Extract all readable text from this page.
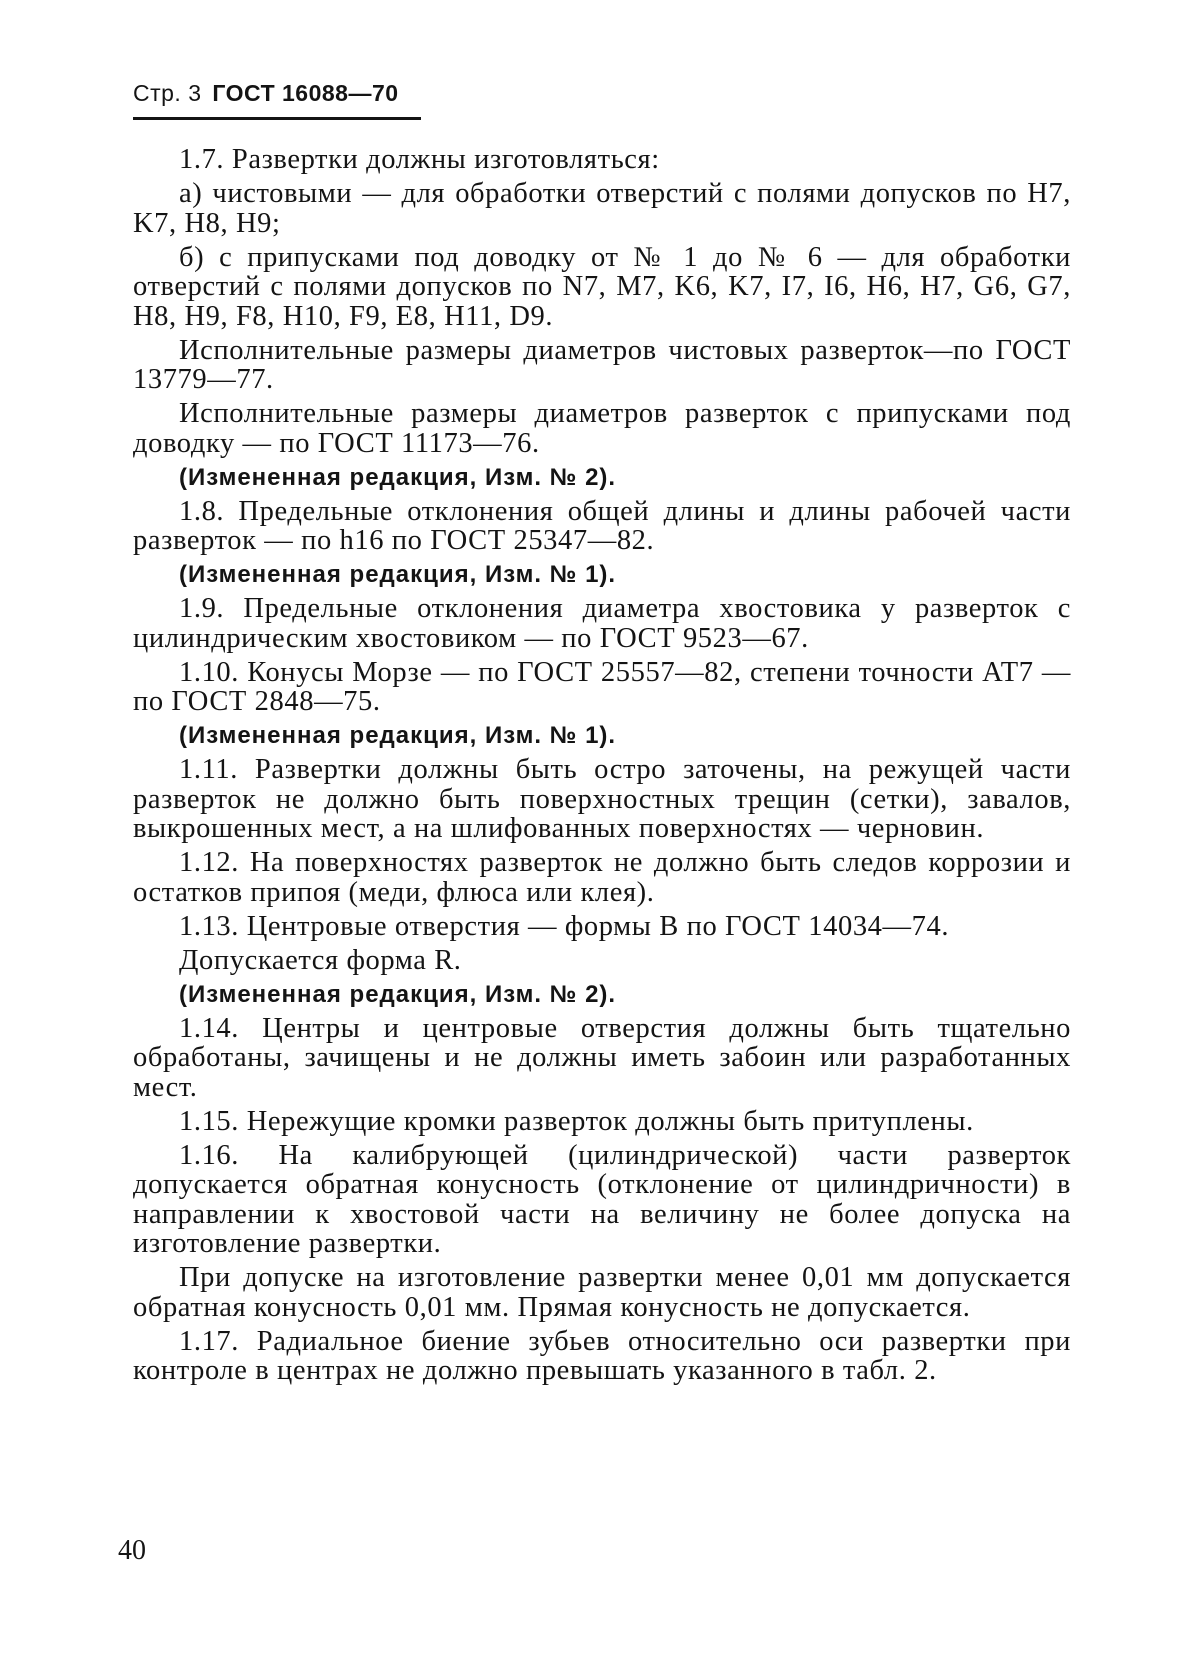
Стр. 3 ГОСТ 16088—70

1.7. Развертки должны изготовляться:

а) чистовыми — для обработки отверстий с полями допусков по H7, K7, H8, H9;

б) с припусками под доводку от № 1 до № 6 — для обработки отверстий с полями допусков по N7, M7, K6, K7, I7, I6, H6, H7, G6, G7, H8, H9, F8, H10, F9, E8, H11, D9.

Исполнительные размеры диаметров чистовых разверток—по ГОСТ 13779—77.

Исполнительные размеры диаметров разверток с припусками под доводку — по ГОСТ 11173—76.

(Измененная редакция, Изм. № 2).

1.8. Предельные отклонения общей длины и длины рабочей части разверток — по h16 по ГОСТ 25347—82.

(Измененная редакция, Изм. № 1).

1.9. Предельные отклонения диаметра хвостовика у разверток с цилиндрическим хвостовиком — по ГОСТ 9523—67.

1.10. Конусы Морзе — по ГОСТ 25557—82, степени точности АТ7 — по ГОСТ 2848—75.

(Измененная редакция, Изм. № 1).

1.11. Развертки должны быть остро заточены, на режущей части разверток не должно быть поверхностных трещин (сетки), завалов, выкрошенных мест, а на шлифованных поверхностях — черновин.

1.12. На поверхностях разверток не должно быть следов коррозии и остатков припоя (меди, флюса или клея).

1.13. Центровые отверстия — формы В по ГОСТ 14034—74.

Допускается форма R.

(Измененная редакция, Изм. № 2).

1.14. Центры и центровые отверстия должны быть тщательно обработаны, зачищены и не должны иметь забоин или разработанных мест.

1.15. Нережущие кромки разверток должны быть притуплены.

1.16. На калибрующей (цилиндрической) части разверток допускается обратная конусность (отклонение от цилиндричности) в направлении к хвостовой части на величину не более допуска на изготовление развертки.

При допуске на изготовление развертки менее 0,01 мм допускается обратная конусность 0,01 мм. Прямая конусность не допускается.

1.17. Радиальное биение зубьев относительно оси развертки при контроле в центрах не должно превышать указанного в табл. 2.

40
